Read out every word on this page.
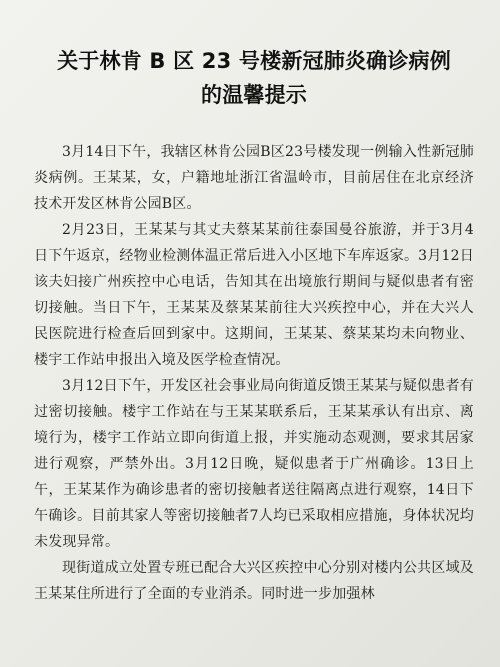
关于林肯 B 区 23 号楼新冠肺炎确诊病例
的温馨提示

3月14日下午，我辖区林肯公园B区23号楼发现一例输入性新冠肺炎病例。王某某，女，户籍地址浙江省温岭市，目前居住在北京经济技术开发区林肯公园B区。

2月23日，王某某与其丈夫蔡某某前往泰国曼谷旅游，并于3月4日下午返京，经物业检测体温正常后进入小区地下车库返家。3月12日该夫妇接广州疾控中心电话，告知其在出境旅行期间与疑似患者有密切接触。当日下午，王某某及蔡某某前往大兴疾控中心，并在大兴人民医院进行检查后回到家中。这期间，王某某、蔡某某均未向物业、楼宇工作站申报出入境及医学检查情况。

3月12日下午，开发区社会事业局向街道反馈王某某与疑似患者有过密切接触。楼宇工作站在与王某某联系后，王某某承认有出京、离境行为，楼宇工作站立即向街道上报，并实施动态观测，要求其居家进行观察，严禁外出。3月12日晚，疑似患者于广州确诊。13日上午，王某某作为确诊患者的密切接触者送往隔离点进行观察，14日下午确诊。目前其家人等密切接触者7人均已采取相应措施，身体状况均未发现异常。

现街道成立处置专班已配合大兴区疾控中心分别对楼内公共区域及王某某住所进行了全面的专业消杀。同时进一步加强林
